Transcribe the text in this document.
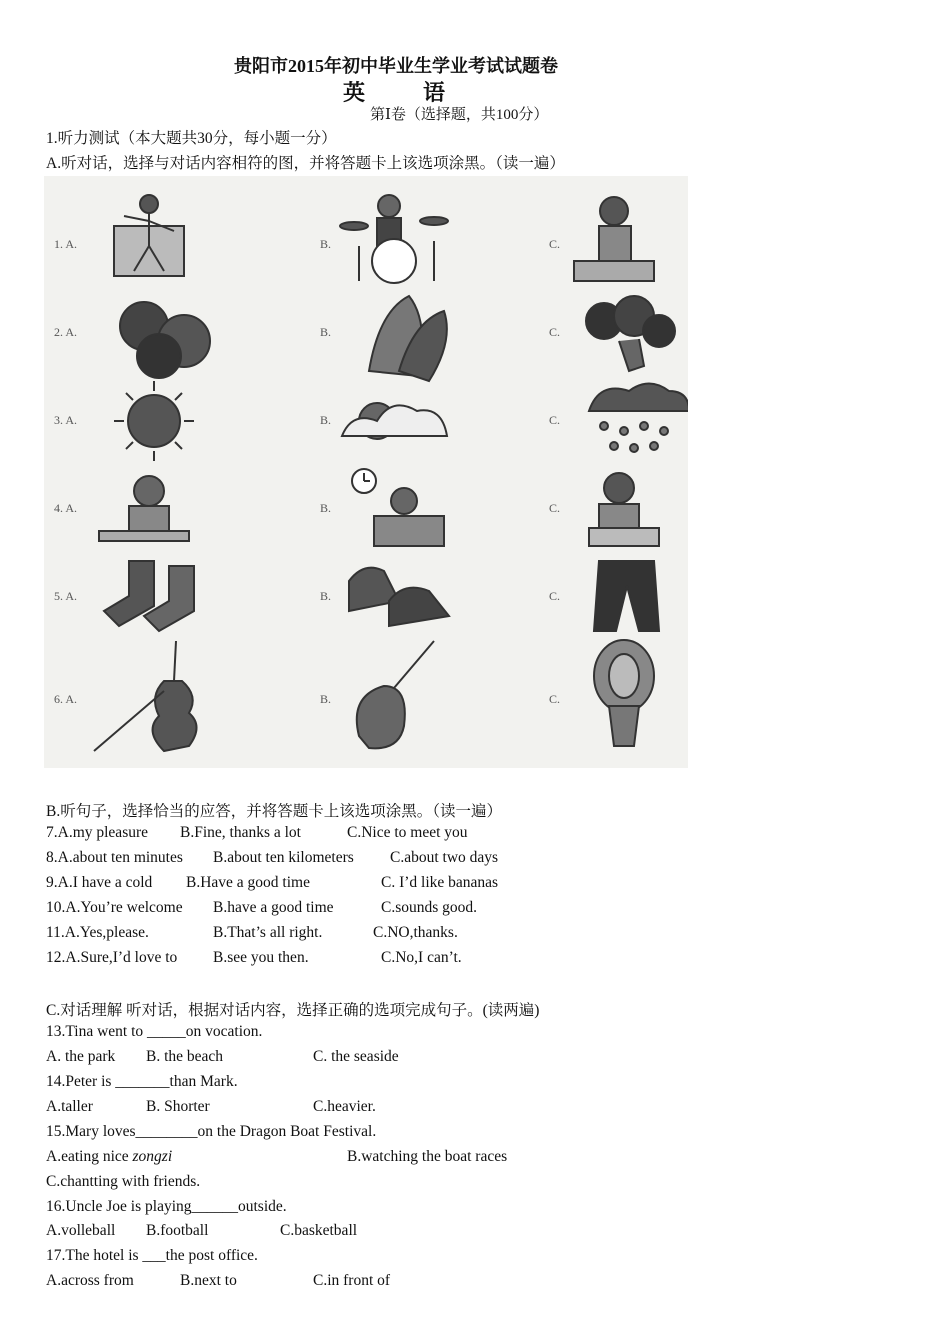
贵阳市2015年初中毕业生学业考试试题卷
英　语
第Ⅰ卷（选择题，共100分）
1.听力测试（本大题共30分，每小题一分）
A.听对话，选择与对话内容相符的图，并将答题卡上该选项涂黑。（读一遍）
1. A.	B.	C.
2. A.	B.	C.
3. A.	B.	C.
4. A.	B.	C.
5. A.	B.	C.
6. A.	B.	C.
B.听句子，选择恰当的应答，并将答题卡上该选项涂黑。（读一遍）
7.A.my pleasure B.Fine, thanks a lot	C.Nice to meet you
8.A.about ten minutes B.about ten kilometers C.about two days
9.A.I have a cold B.Have a good time	C. I’d like bananas
10.A.You’re welcome B.have a good time	C.sounds good.
11.A.Yes,please.	B.That’s all right.	C.NO,thanks.
12.A.Sure,I’d love to B.see you then.	C.No,I can’t.
C.对话理解 听对话，根据对话内容，选择正确的选项完成句子。(读两遍)
13.Tina went to _____on vocation.
A. the park B. the beach	C. the seaside
14.Peter is _______than Mark.
A.taller	B. Shorter	C.heavier.
15.Mary loves________on the Dragon Boat Festival.
A.eating nice zongzi	B.watching the boat races
C.chantting with friends.
16.Uncle Joe is playing______outside.
A.volleball B.football	C.basketball
17.The hotel is ___the post office.
A.across from	B.next to	C.in front of
